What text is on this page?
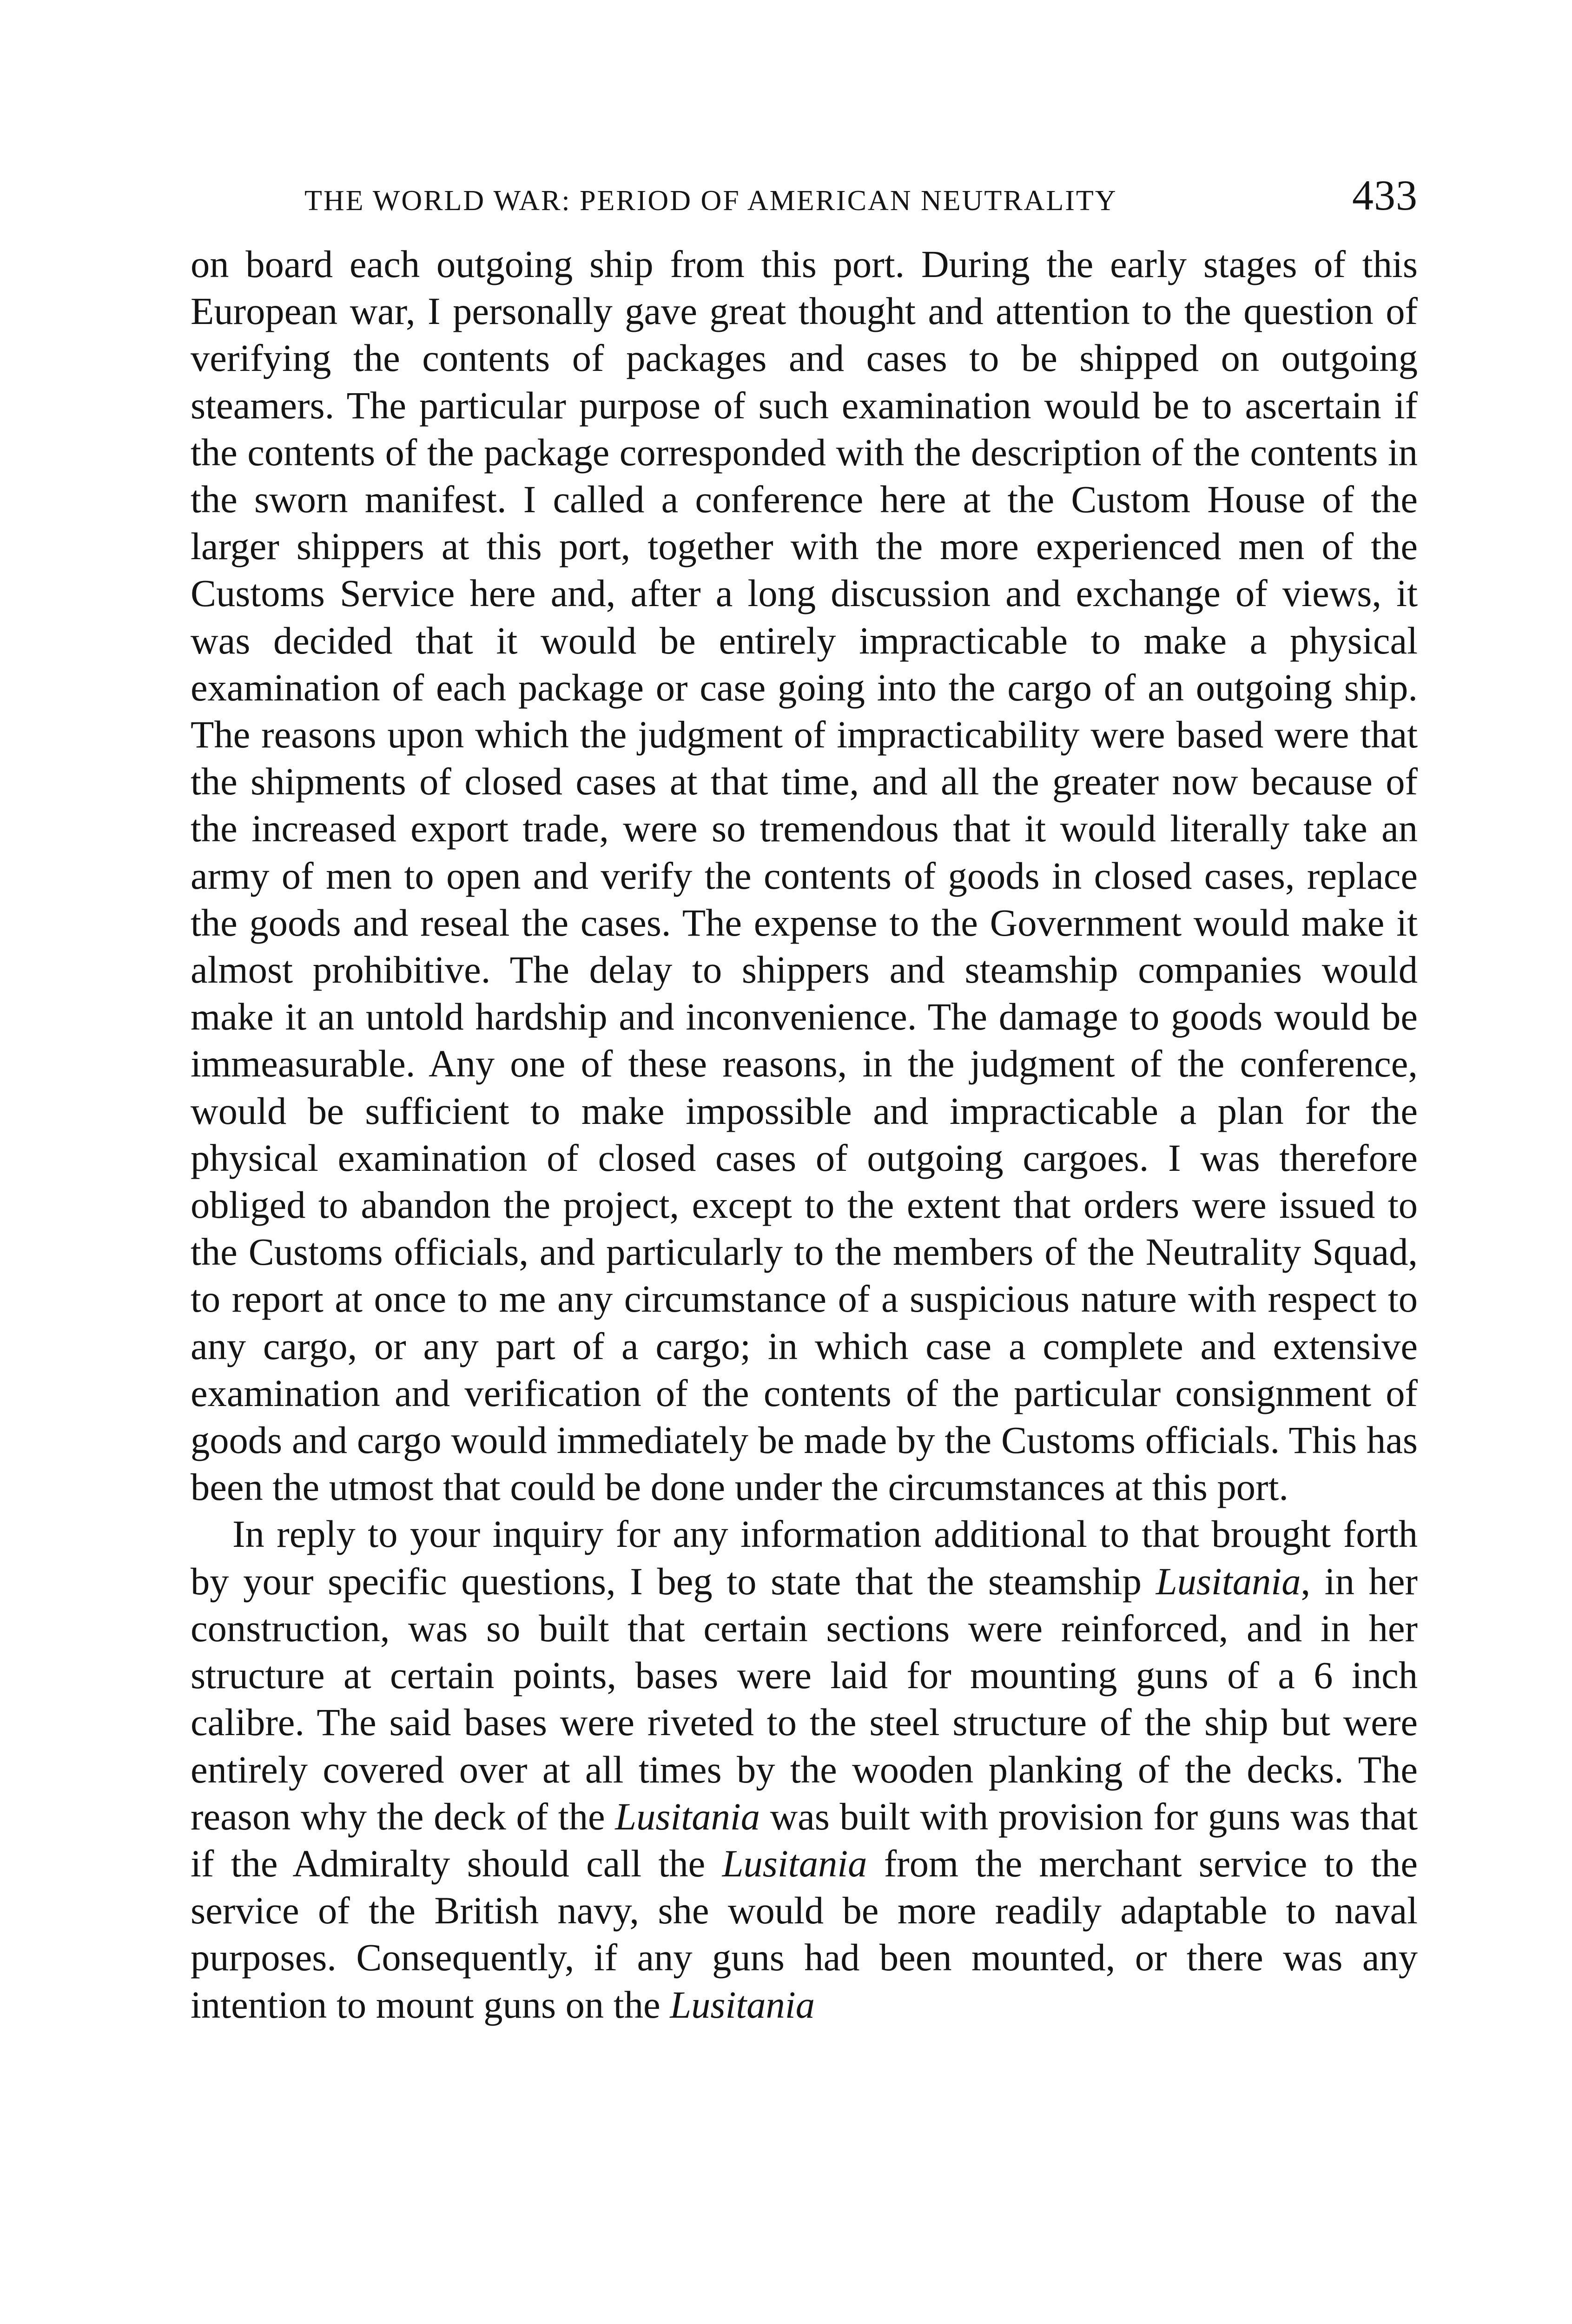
THE WORLD WAR: PERIOD OF AMERICAN NEUTRALITY	433

on board each outgoing ship from this port. During the early stages of this European war, I personally gave great thought and attention to the question of verifying the contents of packages and cases to be shipped on outgoing steamers. The particular purpose of such examination would be to ascertain if the contents of the package corresponded with the description of the contents in the sworn manifest. I called a conference here at the Custom House of the larger shippers at this port, together with the more experienced men of the Customs Service here and, after a long discussion and exchange of views, it was decided that it would be entirely impracticable to make a physical examination of each package or case going into the cargo of an outgoing ship. The reasons upon which the judgment of impracticability were based were that the shipments of closed cases at that time, and all the greater now because of the increased export trade, were so tremendous that it would literally take an army of men to open and verify the contents of goods in closed cases, replace the goods and reseal the cases. The expense to the Government would make it almost prohibitive. The delay to shippers and steamship companies would make it an untold hardship and inconvenience. The damage to goods would be immeasurable. Any one of these reasons, in the judgment of the conference, would be sufficient to make impossible and impracticable a plan for the physical examination of closed cases of outgoing cargoes. I was therefore obliged to abandon the project, except to the extent that orders were issued to the Customs officials, and particularly to the members of the Neutrality Squad, to report at once to me any circumstance of a suspicious nature with respect to any cargo, or any part of a cargo; in which case a complete and extensive examination and verification of the contents of the particular consignment of goods and cargo would immediately be made by the Customs officials. This has been the utmost that could be done under the circumstances at this port.

In reply to your inquiry for any information additional to that brought forth by your specific questions, I beg to state that the steamship Lusitania, in her construction, was so built that certain sections were reinforced, and in her structure at certain points, bases were laid for mounting guns of a 6 inch calibre. The said bases were riveted to the steel structure of the ship but were entirely covered over at all times by the wooden planking of the decks. The reason why the deck of the Lusitania was built with provision for guns was that if the Admiralty should call the Lusitania from the merchant service to the service of the British navy, she would be more readily adaptable to naval purposes. Consequently, if any guns had been mounted, or there was any intention to mount guns on the Lusitania
